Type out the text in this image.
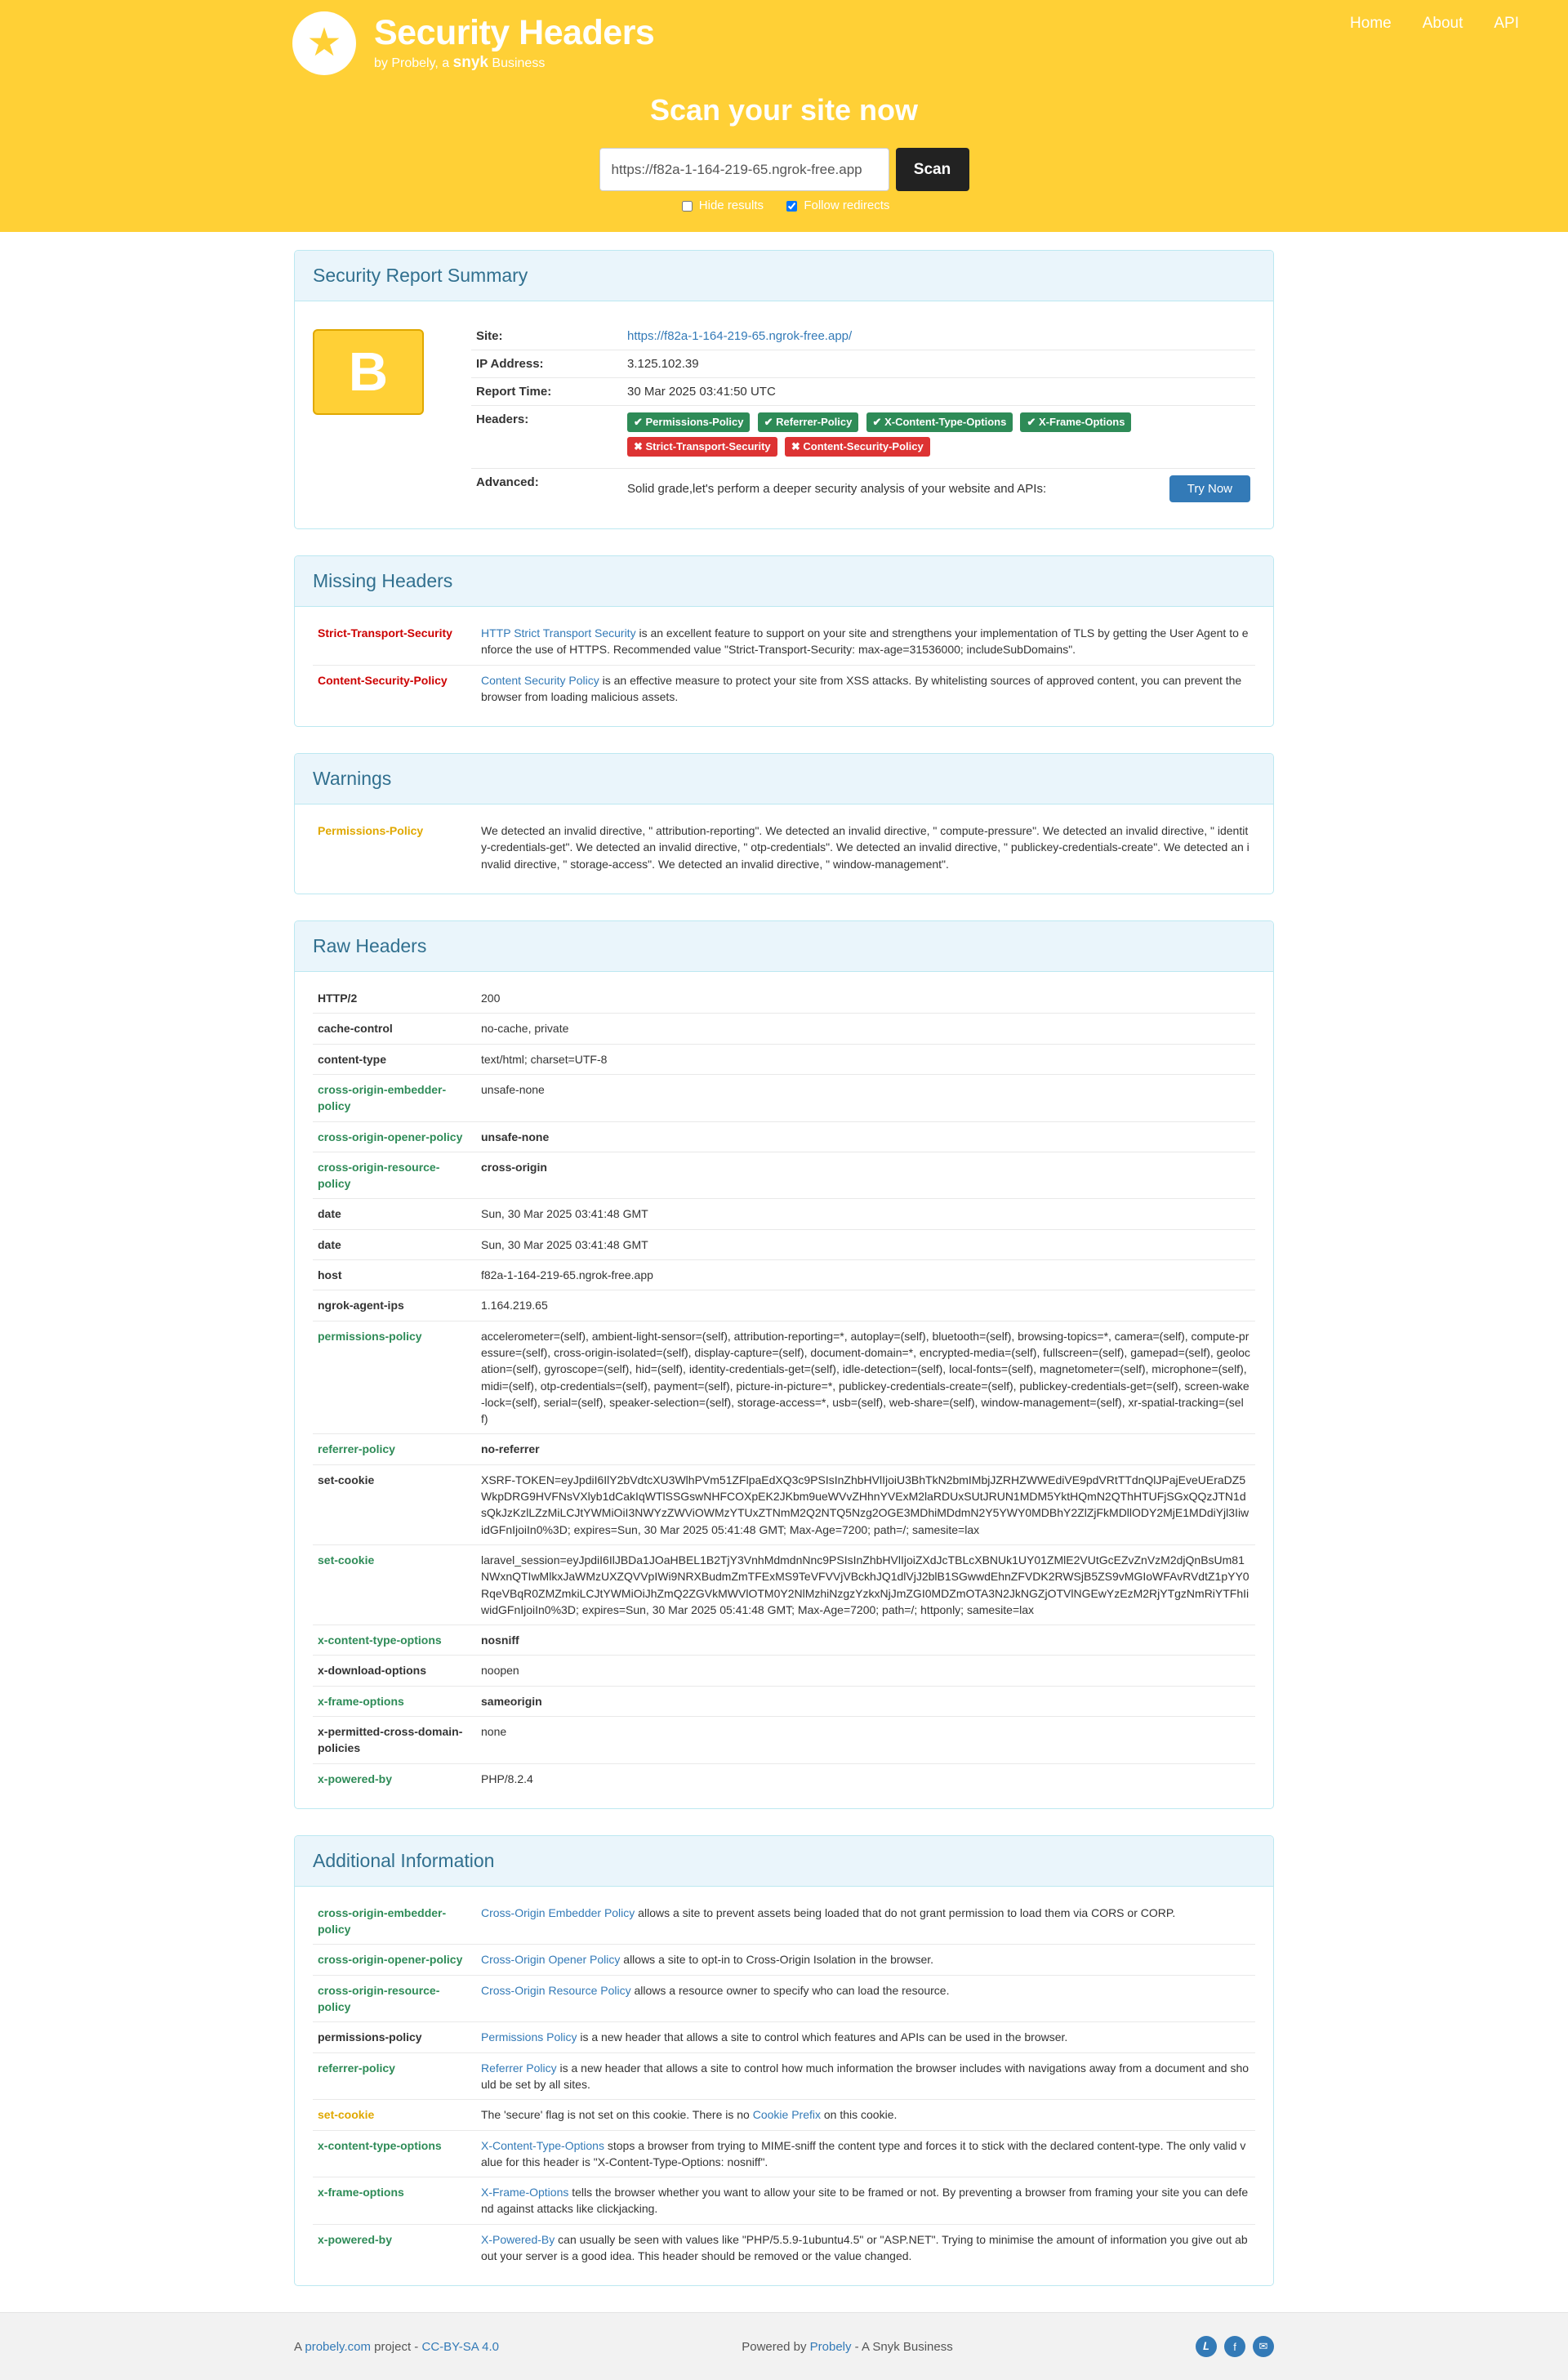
Home About API
★ Security Headers
by Probely, a snyk Business
Scan your site now
https://f82a-1-164-219-65.ngrok-free.app
Scan
Hide results	Follow redirects
Security Report Summary
B
Site:	https://f82a-1-164-219-65.ngrok-free.app/
IP Address:	3.125.102.39
Report Time:	30 Mar 2025 03:41:50 UTC
Headers:	✔ Permissions-Policy ✔ Referrer-Policy ✔ X-Content-Type-Options ✔ X-Frame-Options
✖ Strict-Transport-Security ✖ Content-Security-Policy
Advanced:	Solid grade,let's perform a deeper security analysis of your website and APIs: Try Now
Missing Headers
Strict-Transport-Security	HTTP Strict Transport Security is an excellent feature to support on your site and strengthens your implementation of TLS by getting the User Agent to enforce the use of HTTPS. Recommended value "Strict-Transport-Security: max-age=31536000; includeSubDomains".
Content-Security-Policy	Content Security Policy is an effective measure to protect your site from XSS attacks. By whitelisting sources of approved content, you can prevent the browser from loading malicious assets.
Warnings
Permissions-Policy	We detected an invalid directive, " attribution-reporting". We detected an invalid directive, " compute-pressure". We detected an invalid directive, " identity-credentials-get". We detected an invalid directive, " otp-credentials". We detected an invalid directive, " publickey-credentials-create". We detected an invalid directive, " storage-access". We detected an invalid directive, " window-management".
Raw Headers
HTTP/2	200
cache-control	no-cache, private
content-type	text/html; charset=UTF-8
cross-origin-embedder-policy	unsafe-none
cross-origin-opener-policy	unsafe-none
cross-origin-resource-policy	cross-origin
date	Sun, 30 Mar 2025 03:41:48 GMT
date	Sun, 30 Mar 2025 03:41:48 GMT
host	f82a-1-164-219-65.ngrok-free.app
ngrok-agent-ips	1.164.219.65
permissions-policy	accelerometer=(self), ambient-light-sensor=(self), attribution-reporting=*, autoplay=(self), bluetooth=(self), browsing-topics=*, camera=(self), compute-pressure=(self), cross-origin-isolated=(self), display-capture=(self), document-domain=*, encrypted-media=(self), fullscreen=(self), gamepad=(self), geolocation=(self), gyroscope=(self), hid=(self), identity-credentials-get=(self), idle-detection=(self), local-fonts=(self), magnetometer=(self), microphone=(self), midi=(self), otp-credentials=(self), payment=(self), picture-in-picture=*, publickey-credentials-create=(self), publickey-credentials-get=(self), screen-wake-lock=(self), serial=(self), speaker-selection=(self), storage-access=*, usb=(self), web-share=(self), window-management=(self), xr-spatial-tracking=(self)
referrer-policy	no-referrer
set-cookie	XSRF-TOKEN=eyJpdiI6IlY2bVdtcXU3WlhPVm51ZFlpaEdXQ3c9PSIsInZhbHVlIjoiU3BhTkN2bmIMbjJZRHZWWEdiVE9pdVRtTTdnQlJPajEveUEraDZ5WkpDRG9HVFNsVXlyb1dCakIqWTlSSGswNHFCOXpEK2JKbm9ueWVvZHhnYVExM2laRDUxSUtJRUN1MDM5YktHQmN2QThHTUFjSGxQQzJTN1dsQkJzKzlLZzMiLCJtYWMiOiI3NWYzZWViOWMzYTUxZTNmM2Q2NTQ5Nzg2OGE3MDhiMDdmN2Y5YWY0MDBhY2ZlZjFkMDllODY2MjE1MDdiYjl3IiwidGFnIjoiIn0%3D; expires=Sun, 30 Mar 2025 05:41:48 GMT; Max-Age=7200; path=/; samesite=lax
set-cookie	laravel_session=eyJpdiI6IlJBDa1JOaHBEL1B2TjY3VnhMdmdnNnc9PSIsInZhbHVlIjoiZXdJcTBLcXBNUk1UY01ZMlE2VUtGcEZvZnVzM2djQnBsUm81NWxnQTIwMlkxJaWMzUXZQVVpIWi9NRXBudmZmTFExMS9TeVFVVjVBckhJQ1dlVjJ2blB1SGwwdEhnZFVDK2RWSjB5ZS9vMGIoWFAvRVdtZ1pYY0RqeVBqR0ZMZmkiLCJtYWMiOiJhZmQ2ZGVkMWVlOTM0Y2NlMzhiNzgzYzkxNjJmZGI0MDZmOTA3N2JkNGZjOTVlNGEwYzEzM2RjYTgzNmRiYTFhIiwidGFnIjoiIn0%3D; expires=Sun, 30 Mar 2025 05:41:48 GMT; Max-Age=7200; path=/; httponly; samesite=lax
x-content-type-options	nosniff
x-download-options	noopen
x-frame-options	sameorigin
x-permitted-cross-domain-policies	none
x-powered-by	PHP/8.2.4
Additional Information
cross-origin-embedder-policy	Cross-Origin Embedder Policy allows a site to prevent assets being loaded that do not grant permission to load them via CORS or CORP.
cross-origin-opener-policy	Cross-Origin Opener Policy allows a site to opt-in to Cross-Origin Isolation in the browser.
cross-origin-resource-policy	Cross-Origin Resource Policy allows a resource owner to specify who can load the resource.
permissions-policy	Permissions Policy is a new header that allows a site to control which features and APIs can be used in the browser.
referrer-policy	Referrer Policy is a new header that allows a site to control how much information the browser includes with navigations away from a document and should be set by all sites.
set-cookie	The 'secure' flag is not set on this cookie. There is no Cookie Prefix on this cookie.
x-content-type-options	X-Content-Type-Options stops a browser from trying to MIME-sniff the content type and forces it to stick with the declared content-type. The only valid value for this header is "X-Content-Type-Options: nosniff".
x-frame-options	X-Frame-Options tells the browser whether you want to allow your site to be framed or not. By preventing a browser from framing your site you can defend against attacks like clickjacking.
x-powered-by	X-Powered-By can usually be seen with values like "PHP/5.5.9-1ubuntu4.5" or "ASP.NET". Trying to minimise the amount of information you give out about your server is a good idea. This header should be removed or the value changed.
A probely.com project - CC-BY-SA 4.0	Powered by Probely - A Snyk Business	𝑳	f	✉
